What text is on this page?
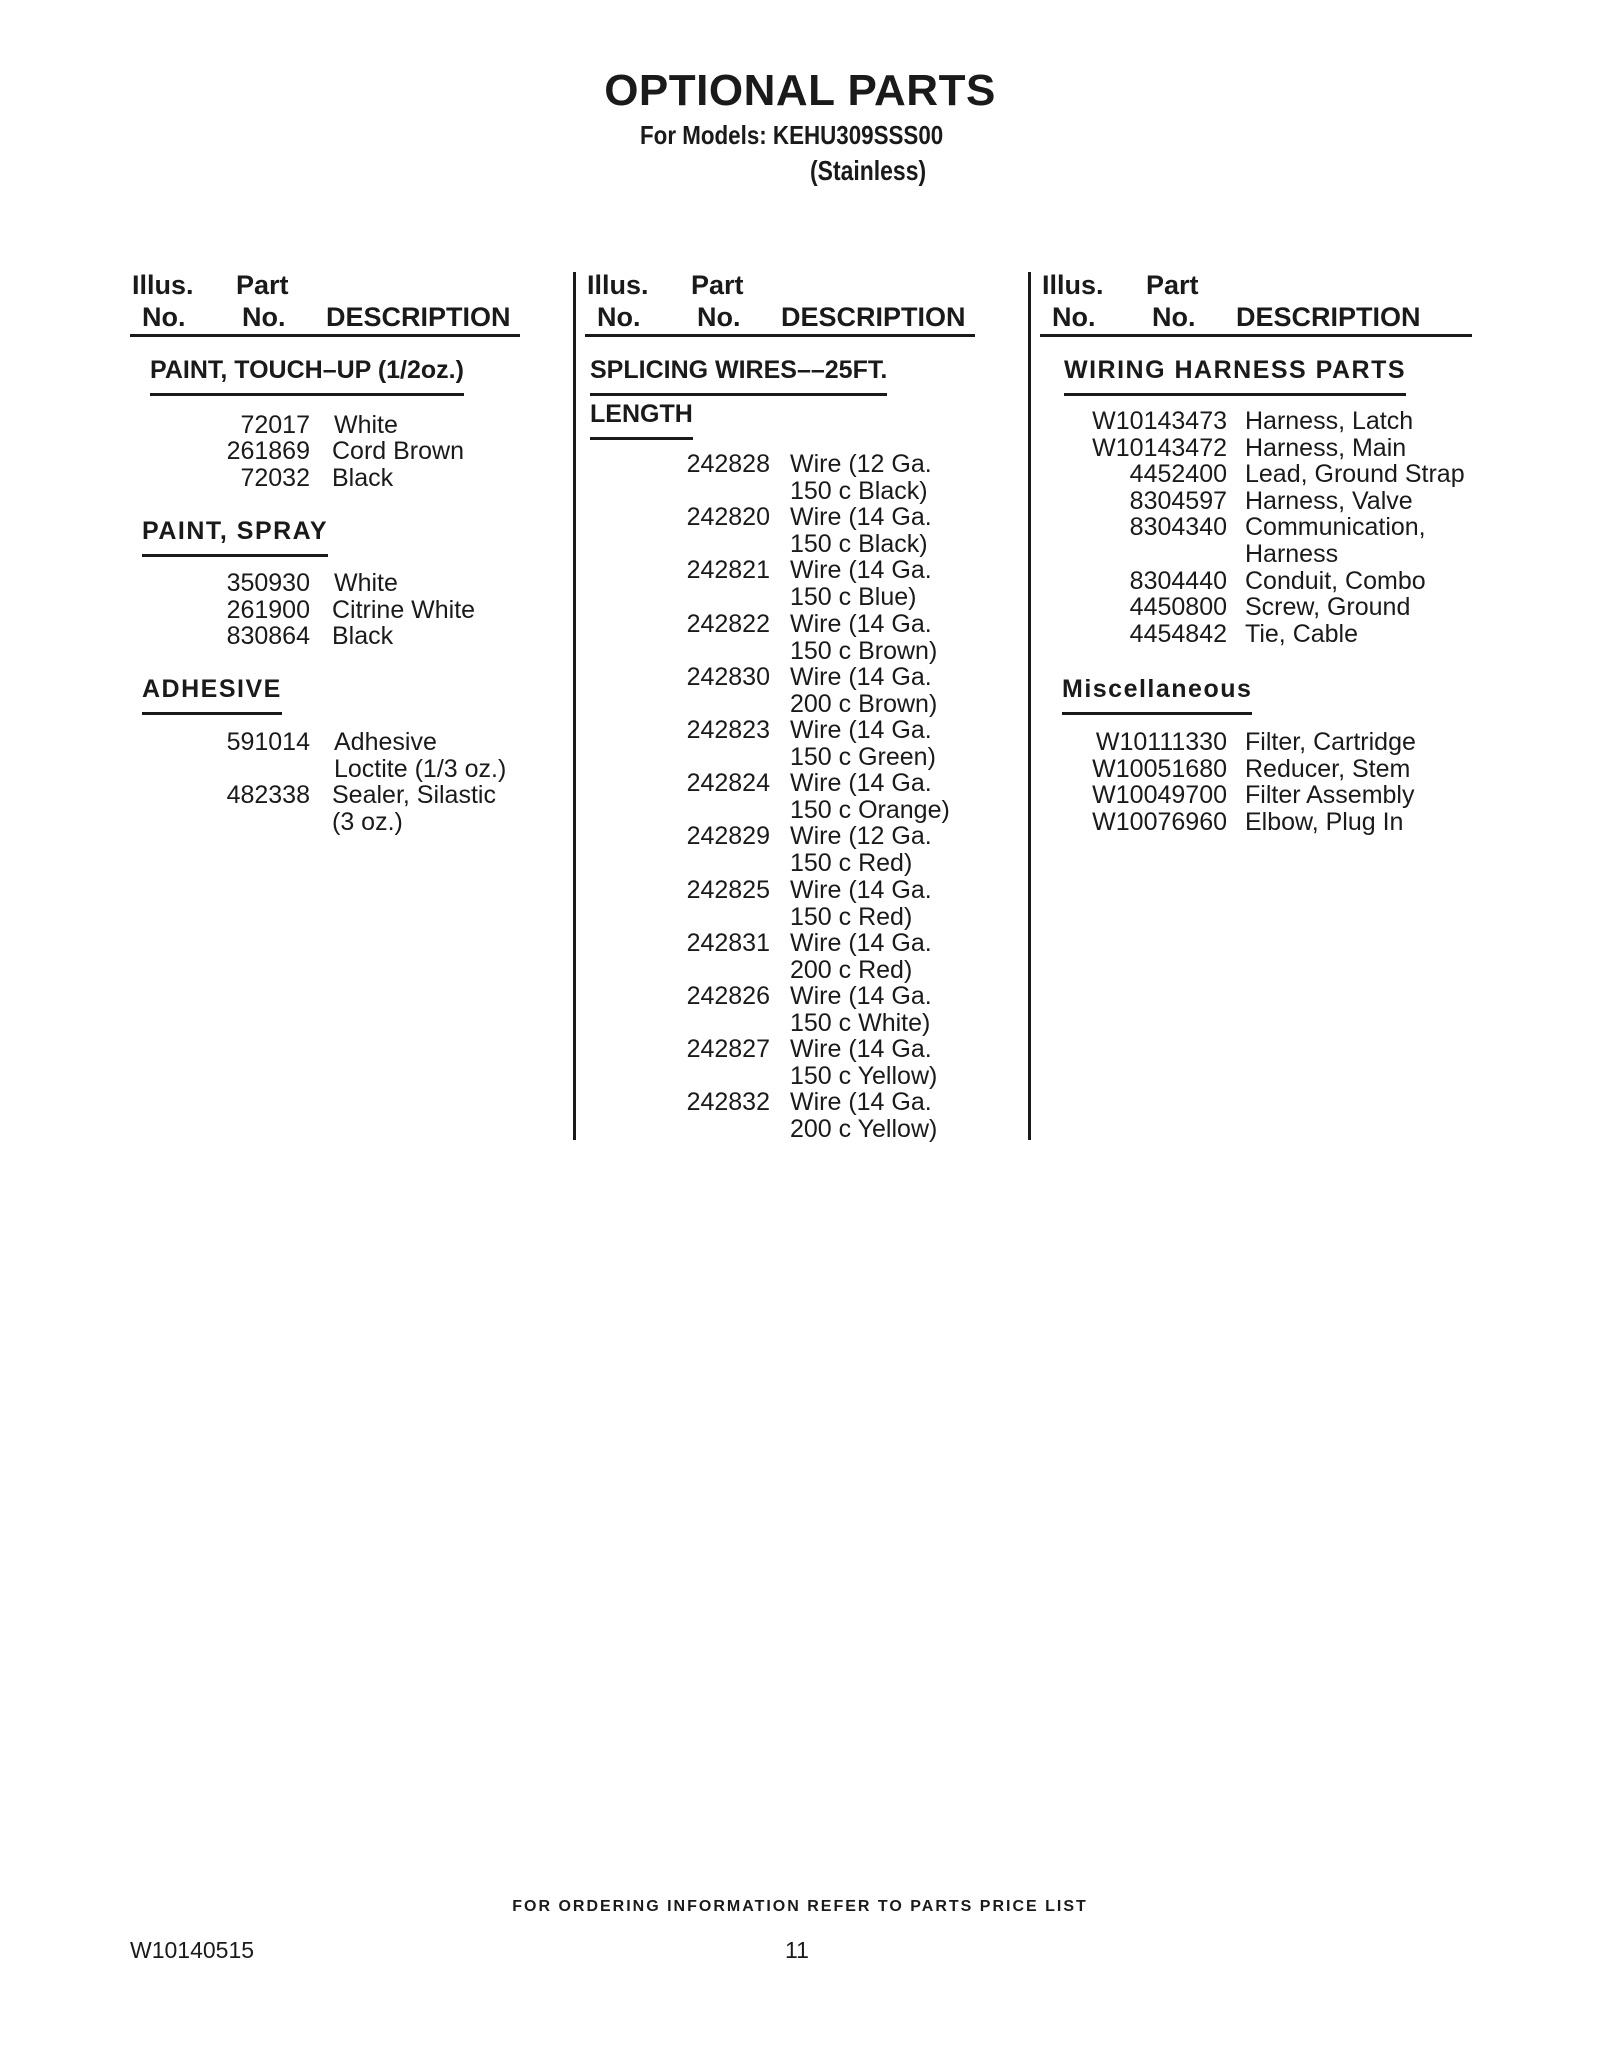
OPTIONAL PARTS
For Models: KEHU309SSS00
(Stainless)
Illus.
No.
Part
No. DESCRIPTION
PAINT, TOUCH–UP (1/2oz.)
72017 White
261869 Cord Brown
72032 Black
PAINT, SPRAY
350930 White
261900 Citrine White
830864 Black
ADHESIVE
591014 Adhesive
Loctite (1/3 oz.)
482338 Sealer, Silastic
(3 oz.)
Illus.
No.
Part
No. DESCRIPTION
SPLICING WIRES––25FT.
LENGTH
242828 Wire (12 Ga.
150 c Black)
242820 Wire (14 Ga.
150 c Black)
242821 Wire (14 Ga.
150 c Blue)
242822 Wire (14 Ga.
150 c Brown)
242830 Wire (14 Ga.
200 c Brown)
242823 Wire (14 Ga.
150 c Green)
242824 Wire (14 Ga.
150 c Orange)
242829 Wire (12 Ga.
150 c Red)
242825 Wire (14 Ga.
150 c Red)
242831 Wire (14 Ga.
200 c Red)
242826 Wire (14 Ga.
150 c White)
242827 Wire (14 Ga.
150 c Yellow)
242832 Wire (14 Ga.
200 c Yellow)
Illus.
No.
Part
No. DESCRIPTION
WIRING HARNESS PARTS
W10143473 Harness, Latch
W10143472 Harness, Main
4452400 Lead, Ground Strap
8304597 Harness, Valve
8304340 Communication,
Harness
8304440 Conduit, Combo
4450800 Screw, Ground
4454842 Tie, Cable
Miscellaneous
W10111330 Filter, Cartridge
W10051680 Reducer, Stem
W10049700 Filter Assembly
W10076960 Elbow, Plug In
FOR ORDERING INFORMATION REFER TO PARTS PRICE LIST
W10140515	11
